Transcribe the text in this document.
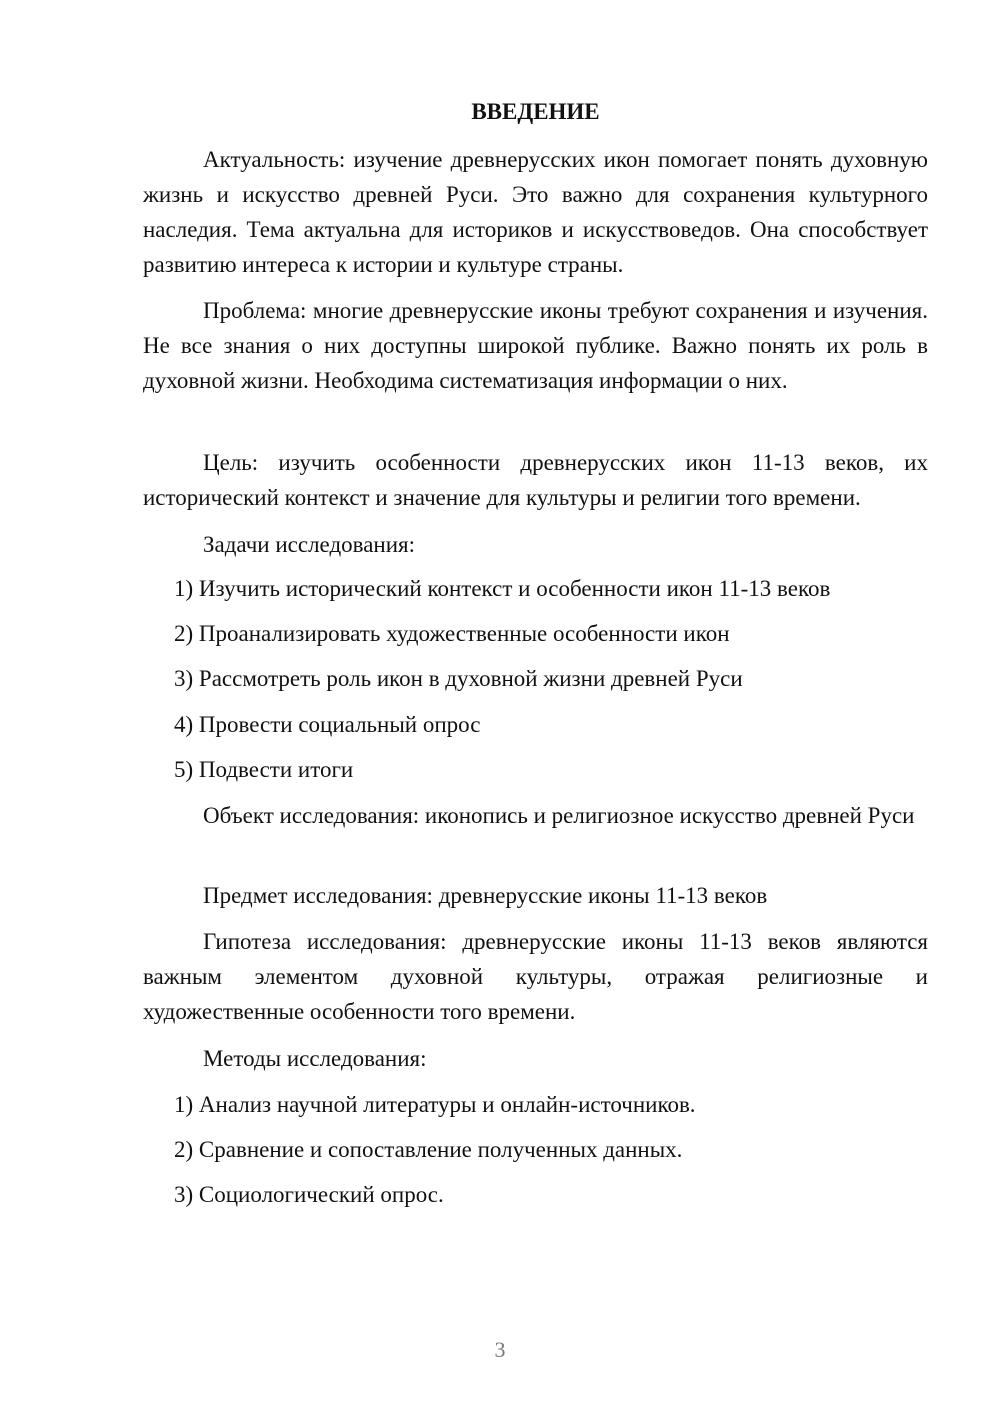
ВВЕДЕНИЕ

Актуальность: изучение древнерусских икон помогает понять духовную жизнь и искусство древней Руси. Это важно для сохранения культурного наследия. Тема актуальна для историков и искусствоведов. Она способствует развитию интереса к истории и культуре страны.

Проблема: многие древнерусские иконы требуют сохранения и изучения. Не все знания о них доступны широкой публике. Важно понять их роль в духовной жизни. Необходима систематизация информации о них.

Цель: изучить особенности древнерусских икон 11-13 веков, их исторический контекст и значение для культуры и религии того времени.

Задачи исследования:

1) Изучить исторический контекст и особенности икон 11-13 веков

2) Проанализировать художественные особенности икон

3) Рассмотреть роль икон в духовной жизни древней Руси

4) Провести социальный опрос

5) Подвести итоги

Объект исследования: иконопись и религиозное искусство древней Руси

Предмет исследования: древнерусские иконы 11-13 веков

Гипотеза исследования: древнерусские иконы 11-13 веков являются важным элементом духовной культуры, отражая религиозные и художественные особенности того времени.

Методы исследования:

1) Анализ научной литературы и онлайн-источников.

2) Сравнение и сопоставление полученных данных.

3) Социологический опрос.

3
